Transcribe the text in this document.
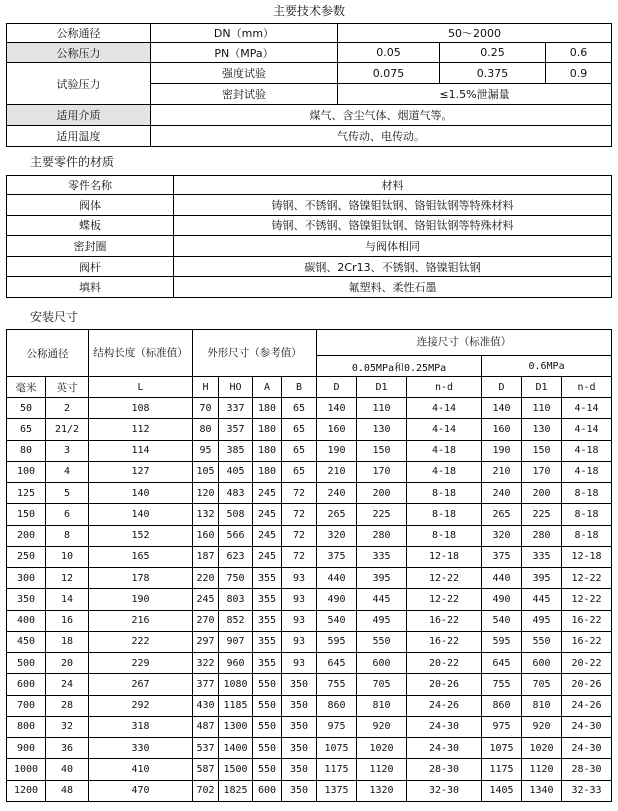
主要技术参数
公称通径	DN（mm）	50～2000		
公称压力	PN（MPa）	0.05	0.25	0.6
试验压力	强度试验	0.075	0.375	0.9
	密封试验	≤1.5%泄漏量		
适用介质	煤气、含尘气体、烟道气等。			
适用温度	气传动、电传动。			
主要零件的材质
零件名称	材料
阀体	铸钢、不锈钢、铬镍钼钛钢、铬钼钛钢等特殊材料
蝶板	铸钢、不锈钢、铬镍钼钛钢、铬钼钛钢等特殊材料
密封圈	与阀体相同
阀杆	碳钢、2Cr13、不锈钢、铬镍钼钛钢
填料	氟塑料、柔性石墨
安装尺寸
公称通径		结构长度（标准值）	外形尺寸（参考值）				连接尺寸（标准值）					
							0.05MPa和0.25MPa			0.6MPa		
毫米	英寸	L	H	HO	A	B	D	D1	n-d	D	D1	n-d
50	2	108	70	337	180	65	140	110	4-14	140	110	4-14
65	21/2	112	80	357	180	65	160	130	4-14	160	130	4-14
80	3	114	95	385	180	65	190	150	4-18	190	150	4-18
100	4	127	105	405	180	65	210	170	4-18	210	170	4-18
125	5	140	120	483	245	72	240	200	8-18	240	200	8-18
150	6	140	132	508	245	72	265	225	8-18	265	225	8-18
200	8	152	160	566	245	72	320	280	8-18	320	280	8-18
250	10	165	187	623	245	72	375	335	12-18	375	335	12-18
300	12	178	220	750	355	93	440	395	12-22	440	395	12-22
350	14	190	245	803	355	93	490	445	12-22	490	445	12-22
400	16	216	270	852	355	93	540	495	16-22	540	495	16-22
450	18	222	297	907	355	93	595	550	16-22	595	550	16-22
500	20	229	322	960	355	93	645	600	20-22	645	600	20-22
600	24	267	377	1080	550	350	755	705	20-26	755	705	20-26
700	28	292	430	1185	550	350	860	810	24-26	860	810	24-26
800	32	318	487	1300	550	350	975	920	24-30	975	920	24-30
900	36	330	537	1400	550	350	1075	1020	24-30	1075	1020	24-30
1000	40	410	587	1500	550	350	1175	1120	28-30	1175	1120	28-30
1200	48	470	702	1825	600	350	1375	1320	32-30	1405	1340	32-33
